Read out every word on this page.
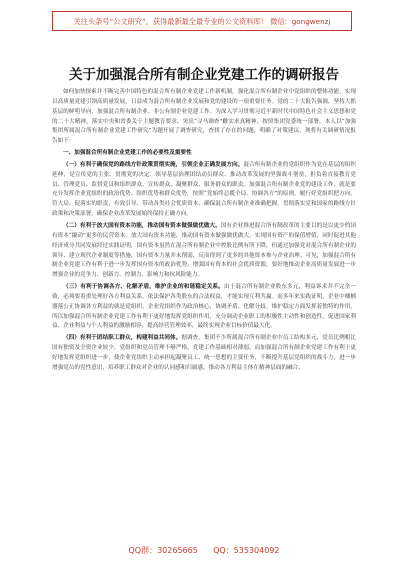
关注头条号“公文研究”，获得最新最全最专业的公文资料库！ 微信：gongwenzj
关于加强混合所有制企业党建工作的调研报告

如何加快探索并不断完善中国特色的混合所有制企业党建工作新机制，强化混合所有制企业中党组织的整体功能，实现以高质量党建引领高质量发展，日益成为混合所有制企业发展和党的建设的一项重要任务。党的二十大报告强调，坚持大抓基层的鲜明导向，加强混合所有制企业、非公有制企业党建工作。为深入学习贯彻习近平新时代中国特色社会主义思想和党的二十大精神，落实中央和省委关于主题教育要求，突出“寻马调查”雌实求真精神，按照集团党委统一部署，本人以“加强集团所属混合所有制企业党建工作研究”为题开展了调查研究，查找了存在的问题，明确了对策建议，现将有关调研情况报告如下：

一、加强混合所有制企业党建工作的必要性及重要性

（一）有利于确保党的路线方针政策贯彻实施，引领企业正确发展方向。混合所有制企业的党组织作为党在基层的组织延伸，是宣传党的主张、贯彻党的决定、领导基层治理团结动员群众、推动改革发展的坚强战斗堡垒，担负着直接教育党员、管理党员、监督党员和组织群众、宣传群众、凝聚群众、服务群众的职责。加强混合所有制企业党的建设工作，就是要充分发挥企业党组织的政治优势、组织优势和群众优势，按照“党始终总揽全局、协调各方”的原则，履行好党组织把方向、管大局、促落实的职责，有效引导、带动各类社会优质资本，确保混合所有制企业准确把握、贯彻落实党和国家的路线方针政策和决策部署，确保企业改革发展始终保持正确方向。

（二）有利于放大国有资本功能，推动国有资本做强做优做大。国有企业推进混合所有制改革的主要目的是以更少的国有资本“撬动”更多的民营资本，放大国有资本功能，推动国有资本做强做优做大，实现国有资产的保值增值，同时促进其他经济成分共同发展经过实践证明，国有资本虽然在混合所有制企业中控股比例有所下降，但通过加强党对混合所有制企业的领导，建立现代企业制度等措施，国有资本力量并未削弱，反而得到了更多的其他资本参与企业治理。可见，加强混合所有制企业党建工作有利于进一步发挥国有资本的政治优势，增强国有资本的社会优质资源，要好地推动企业高质量发展进一步增强企业的竞争力、创新力、控制力、影响力和抗风险能力。

（三）有利于协调各方、化解矛盾，维护企业的和谐稳定关系。由于混合所有制企业股东多元，利益诉求并不完全一致，必须要着重处理好各方利益关系，依法保护各类股东的合法权益，才能实现互利共赢。而多年来实践证明，企业中桶桶器落公正协调各方利益的就是党组织。企业党组织作为政治核心，协调矛盾、化解分歧、维护稳定方面发挥着独特的作用，所以加强混合所有制企业党建工作有利于更好地发挥党组织作用，充分调动企业职工的积极性主动性和创造性，促进国家利益、企业利益与个人利益的激励相容，提高经营管理效率，最终实现企业目标价值最大化。

（四）有利于团结职工群众，构建利益共同体。据调查，集团不少所属混合所有制企业中员工结构多元，党员比例相比国有独资及全资企业较少，党组织和党员管理不够严格，党建工作基础相对薄弱，而加强混合所有制企业党建工作有利于更好地发挥党组织进一步，使企业党组织主动承担起凝聚员工、统一思想的主要任务，不断提升基层党组织的战斗力，进一步增强党员的党性意识，培养职工群众对企业的认同感和归属感，推动各方利益主体在精神层面的融合。

QQ群：30265665      QQ：535304092
